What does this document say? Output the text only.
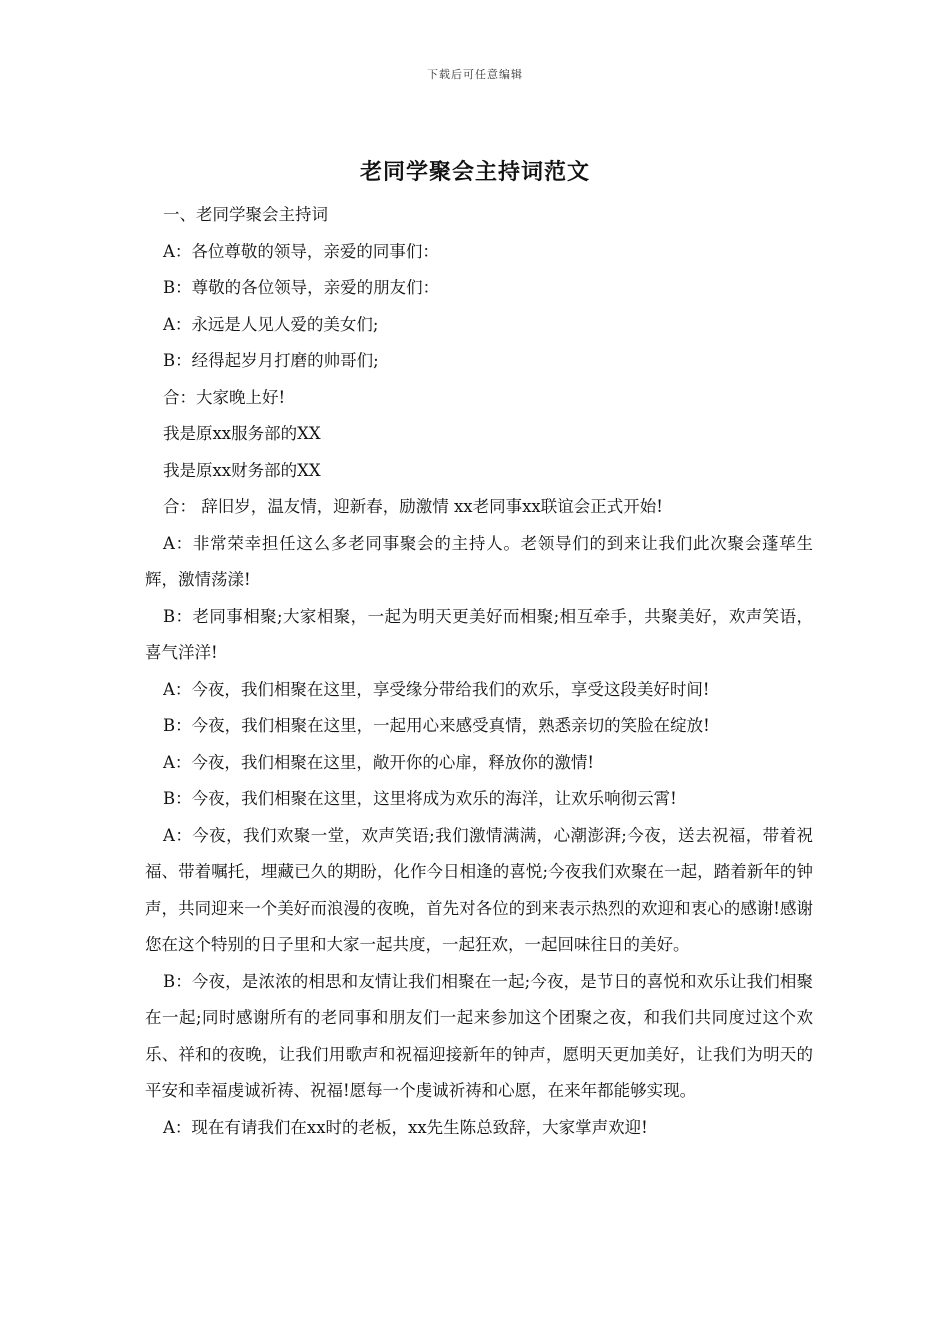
下载后可任意编辑
老同学聚会主持词范文

一、老同学聚会主持词

A：各位尊敬的领导，亲爱的同事们：

B：尊敬的各位领导，亲爱的朋友们：

A：永远是人见人爱的美女们;

B：经得起岁月打磨的帅哥们;

合：大家晚上好!

我是原xx服务部的XX

我是原xx财务部的XX

合： 辞旧岁，温友情，迎新春，励激情 xx老同事xx联谊会正式开始!

A：非常荣幸担任这么多老同事聚会的主持人。老领导们的到来让我们此次聚会蓬荜生辉，激情荡漾!

B：老同事相聚;大家相聚，一起为明天更美好而相聚;相互牵手，共聚美好，欢声笑语，喜气洋洋!

A：今夜，我们相聚在这里，享受缘分带给我们的欢乐，享受这段美好时间!

B：今夜，我们相聚在这里，一起用心来感受真情，熟悉亲切的笑脸在绽放!

A：今夜，我们相聚在这里，敞开你的心扉，释放你的激情!

B：今夜，我们相聚在这里，这里将成为欢乐的海洋，让欢乐响彻云霄!

A：今夜，我们欢聚一堂，欢声笑语;我们激情满满，心潮澎湃;今夜，送去祝福，带着祝福、带着嘱托，埋藏已久的期盼，化作今日相逢的喜悦;今夜我们欢聚在一起，踏着新年的钟声，共同迎来一个美好而浪漫的夜晚，首先对各位的到来表示热烈的欢迎和衷心的感谢!感谢您在这个特别的日子里和大家一起共度，一起狂欢，一起回味往日的美好。

B：今夜，是浓浓的相思和友情让我们相聚在一起;今夜，是节日的喜悦和欢乐让我们相聚在一起;同时感谢所有的老同事和朋友们一起来参加这个团聚之夜，和我们共同度过这个欢乐、祥和的夜晚，让我们用歌声和祝福迎接新年的钟声，愿明天更加美好，让我们为明天的平安和幸福虔诚祈祷、祝福!愿每一个虔诚祈祷和心愿，在来年都能够实现。

A：现在有请我们在xx时的老板，xx先生陈总致辞，大家掌声欢迎!
